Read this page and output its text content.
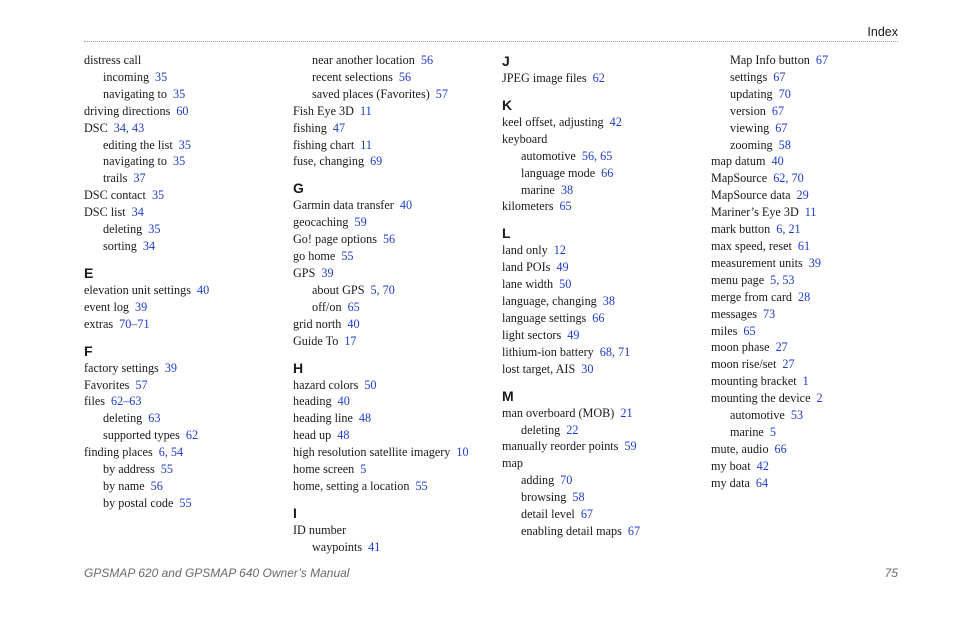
Index
distress call
incoming 35
navigating to 35
driving directions 60
DSC 34, 43
editing the list 35
navigating to 35
trails 37
DSC contact 35
DSC list 34
deleting 35
sorting 34
E
elevation unit settings 40
event log 39
extras 70–71
F
factory settings 39
Favorites 57
files 62–63
deleting 63
supported types 62
finding places 6, 54
by address 55
by name 56
by postal code 55
near another location 56
recent selections 56
saved places (Favorites) 57
Fish Eye 3D 11
fishing 47
fishing chart 11
fuse, changing 69
G
Garmin data transfer 40
geocaching 59
Go! page options 56
go home 55
GPS 39
about GPS 5, 70
off/on 65
grid north 40
Guide To 17
H
hazard colors 50
heading 40
heading line 48
head up 48
high resolution satellite imagery 10
home screen 5
home, setting a location 55
I
ID number
waypoints 41
J
JPEG image files 62
K
keel offset, adjusting 42
keyboard
automotive 56, 65
language mode 66
marine 38
kilometers 65
L
land only 12
land POIs 49
lane width 50
language, changing 38
language settings 66
light sectors 49
lithium-ion battery 68, 71
lost target, AIS 30
M
man overboard (MOB) 21
deleting 22
manually reorder points 59
map
adding 70
browsing 58
detail level 67
enabling detail maps 67
Map Info button 67
settings 67
updating 70
version 67
viewing 67
zooming 58
map datum 40
MapSource 62, 70
MapSource data 29
Mariner’s Eye 3D 11
mark button 6, 21
max speed, reset 61
measurement units 39
menu page 5, 53
merge from card 28
messages 73
miles 65
moon phase 27
moon rise/set 27
mounting bracket 1
mounting the device 2
automotive 53
marine 5
mute, audio 66
my boat 42
my data 64
GPSMAP 620 and GPSMAP 640 Owner’s Manual	75
